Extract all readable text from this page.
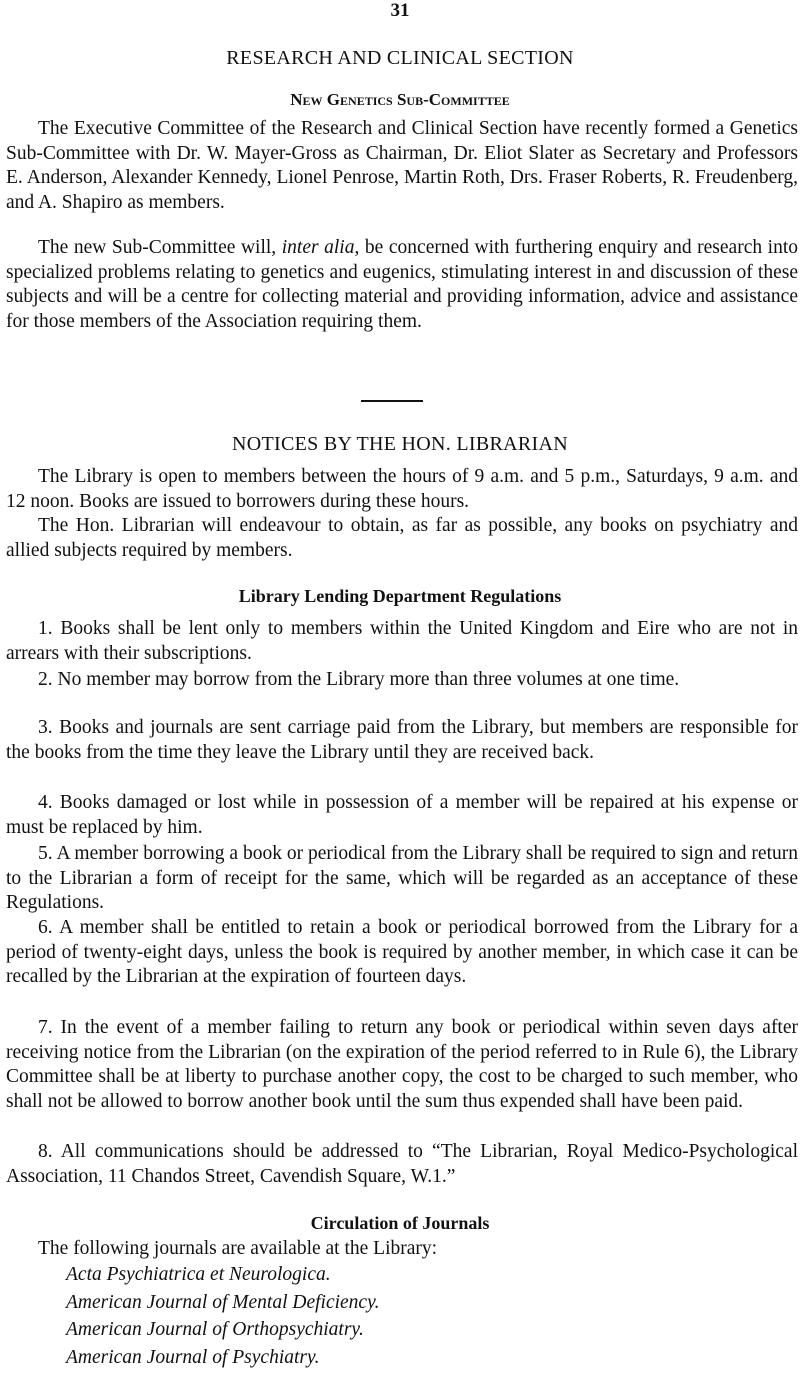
31
RESEARCH AND CLINICAL SECTION
New Genetics Sub-Committee

The Executive Committee of the Research and Clinical Section have recently formed a Genetics Sub-Committee with Dr. W. Mayer-Gross as Chairman, Dr. Eliot Slater as Secretary and Professors E. Anderson, Alexander Kennedy, Lionel Penrose, Martin Roth, Drs. Fraser Roberts, R. Freudenberg, and A. Shapiro as members.

The new Sub-Committee will, inter alia, be concerned with furthering enquiry and research into specialized problems relating to genetics and eugenics, stimulating interest in and discussion of these subjects and will be a centre for collecting material and providing information, advice and assistance for those members of the Association requiring them.

NOTICES BY THE HON. LIBRARIAN

The Library is open to members between the hours of 9 a.m. and 5 p.m., Saturdays, 9 a.m. and 12 noon. Books are issued to borrowers during these hours.

The Hon. Librarian will endeavour to obtain, as far as possible, any books on psychiatry and allied subjects required by members.

Library Lending Department Regulations

1. Books shall be lent only to members within the United Kingdom and Eire who are not in arrears with their subscriptions.

2. No member may borrow from the Library more than three volumes at one time.

3. Books and journals are sent carriage paid from the Library, but members are responsible for the books from the time they leave the Library until they are received back.

4. Books damaged or lost while in possession of a member will be repaired at his expense or must be replaced by him.

5. A member borrowing a book or periodical from the Library shall be required to sign and return to the Librarian a form of receipt for the same, which will be regarded as an acceptance of these Regulations.

6. A member shall be entitled to retain a book or periodical borrowed from the Library for a period of twenty-eight days, unless the book is required by another member, in which case it can be recalled by the Librarian at the expiration of fourteen days.

7. In the event of a member failing to return any book or periodical within seven days after receiving notice from the Librarian (on the expiration of the period referred to in Rule 6), the Library Committee shall be at liberty to purchase another copy, the cost to be charged to such member, who shall not be allowed to borrow another book until the sum thus expended shall have been paid.

8. All communications should be addressed to “The Librarian, Royal Medico-Psychological Association, 11 Chandos Street, Cavendish Square, W.1.”

Circulation of Journals

The following journals are available at the Library:

Acta Psychiatrica et Neurologica.
American Journal of Mental Deficiency.
American Journal of Orthopsychiatry.
American Journal of Psychiatry.
